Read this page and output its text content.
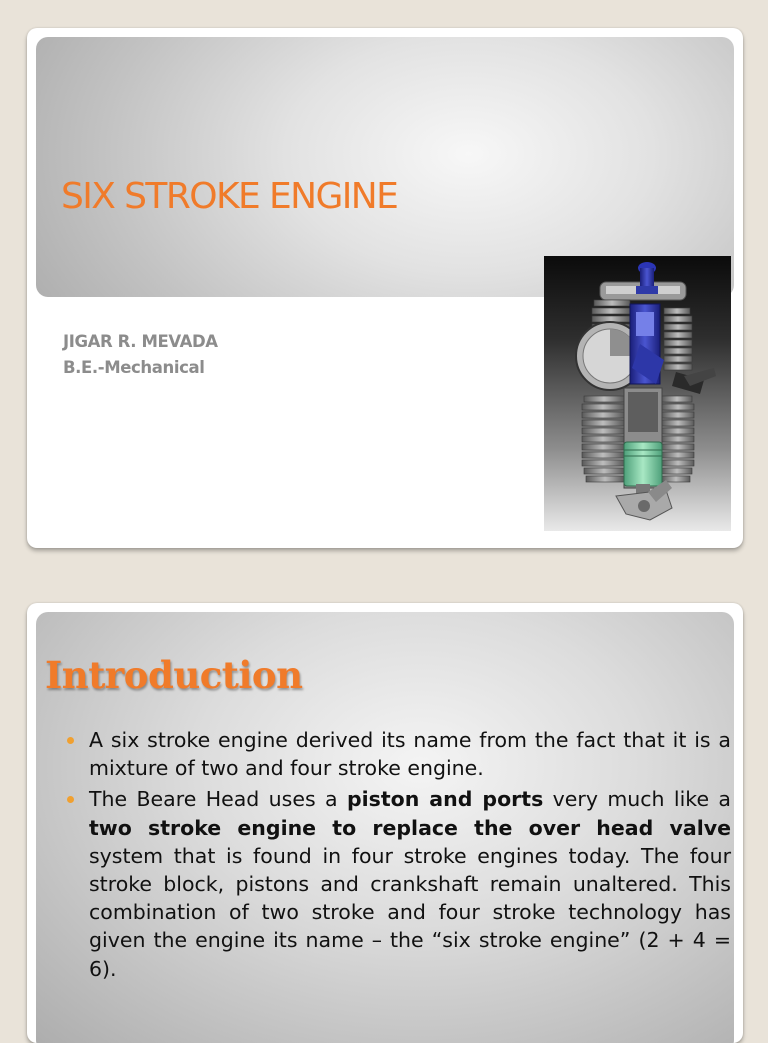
SIX STROKE ENGINE
JIGAR R. MEVADA
B.E.-Mechanical
Introduction
A six stroke engine derived its name from the fact that it is a mixture of two and four stroke engine.
The Beare Head uses a piston and ports very much like a two stroke engine to replace the over head valve system that is found in four stroke engines today. The four stroke block, pistons and crankshaft remain unaltered. This combination of two stroke and four stroke technology has given the engine its name – the “six stroke engine” (2 + 4 = 6).
